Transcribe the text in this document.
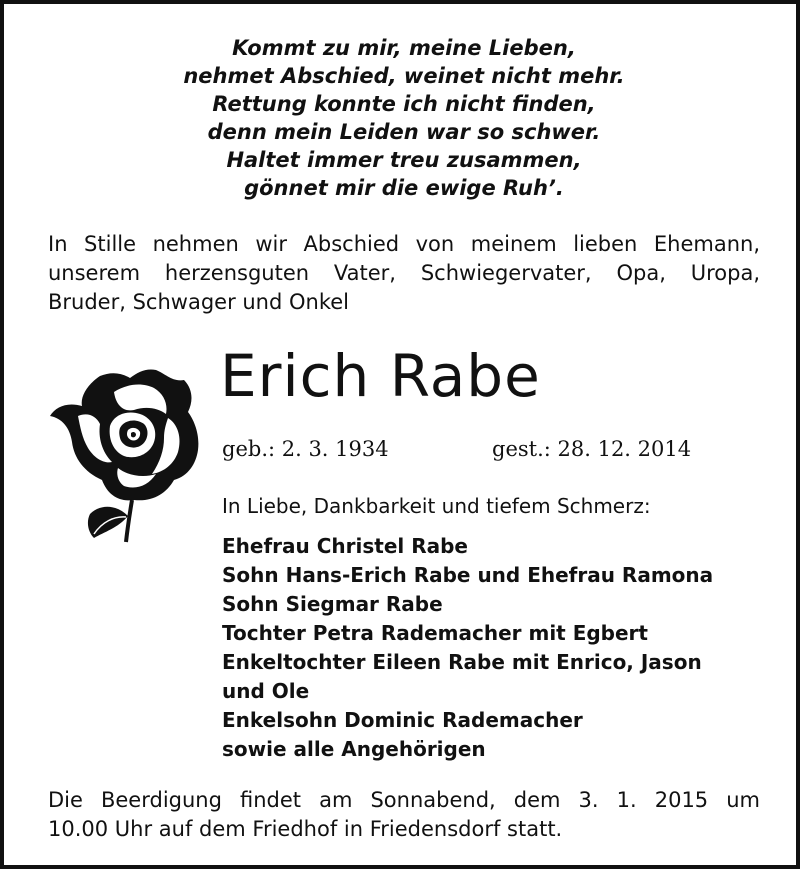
Kommt zu mir, meine Lieben,
nehmet Abschied, weinet nicht mehr.
Rettung konnte ich nicht finden,
denn mein Leiden war so schwer.
Haltet immer treu zusammen,
gönnet mir die ewige Ruh’.
In Stille nehmen wir Abschied von meinem lieben Ehemann,
unserem herzensguten Vater, Schwiegervater, Opa, Uropa,
Bruder, Schwager und Onkel
Erich Rabe
geb.: 2. 3. 1934	gest.: 28. 12. 2014
In Liebe, Dankbarkeit und tiefem Schmerz:
Ehefrau Christel Rabe
Sohn Hans-Erich Rabe und Ehefrau Ramona
Sohn Siegmar Rabe
Tochter Petra Rademacher mit Egbert
Enkeltochter Eileen Rabe mit Enrico, Jason
und Ole
Enkelsohn Dominic Rademacher
sowie alle Angehörigen
Die Beerdigung findet am Sonnabend, dem 3. 1. 2015 um
10.00 Uhr auf dem Friedhof in Friedensdorf statt.
